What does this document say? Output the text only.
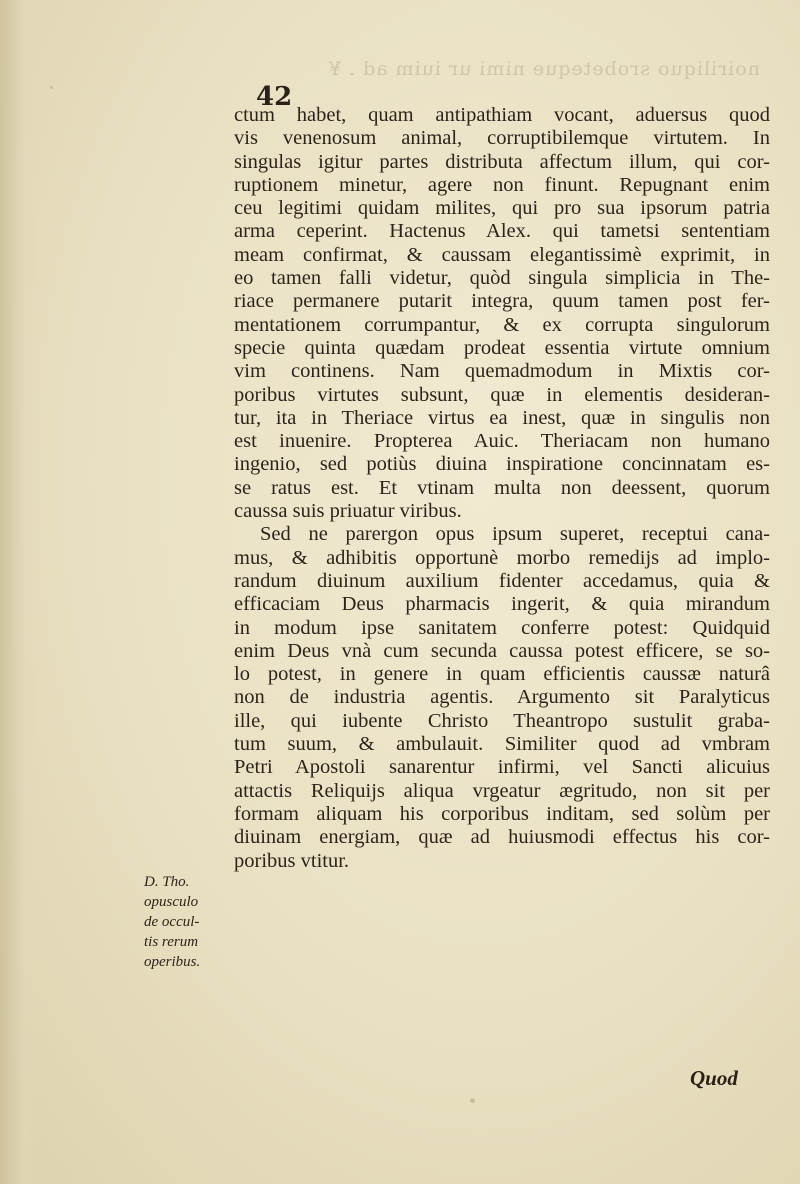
noiriliquo srobeteque nimi ur iuim ad . ¥
42
ctum habet, quam antipathiam vocant, aduersus quod
vis venenosum animal, corruptibilemque virtutem. In
singulas igitur partes distributa affectum illum, qui cor-
ruptionem minetur, agere non finunt. Repugnant enim
ceu legitimi quidam milites, qui pro sua ipsorum patria
arma ceperint. Hactenus Alex. qui tametsi sententiam
meam confirmat, & caussam elegantissimè exprimit, in
eo tamen falli videtur, quòd singula simplicia in The-
riace permanere putarit integra, quum tamen post fer-
mentationem corrumpantur, & ex corrupta singulorum
specie quinta quædam prodeat essentia virtute omnium
vim continens. Nam quemadmodum in Mixtis cor-
poribus virtutes subsunt, quæ in elementis desideran-
tur, ita in Theriace virtus ea inest, quæ in singulis non
est inuenire. Propterea Auic. Theriacam non humano
ingenio, sed potiùs diuina inspiratione concinnatam es-
se ratus est. Et vtinam multa non deessent, quorum
caussa suis priuatur viribus.
Sed ne parergon opus ipsum superet, receptui cana-
mus, & adhibitis opportunè morbo remedijs ad implo-
randum diuinum auxilium fidenter accedamus, quia &
efficaciam Deus pharmacis ingerit, & quia mirandum
in modum ipse sanitatem conferre potest: Quidquid
enim Deus vnà cum secunda caussa potest efficere, se so-
lo potest, in genere in quam efficientis caussæ naturâ
non de industria agentis. Argumento sit Paralyticus
ille, qui iubente Christo Theantropo sustulit graba-
tum suum, & ambulauit. Similiter quod ad vmbram
Petri Apostoli sanarentur infirmi, vel Sancti alicuius
attactis Reliquijs aliqua vrgeatur ægritudo, non sit per
formam aliquam his corporibus inditam, sed solùm per
diuinam energiam, quæ ad huiusmodi effectus his cor-
poribus vtitur.
D. Tho.
opusculo
de occul-
tis rerum
operibus.
Quod
